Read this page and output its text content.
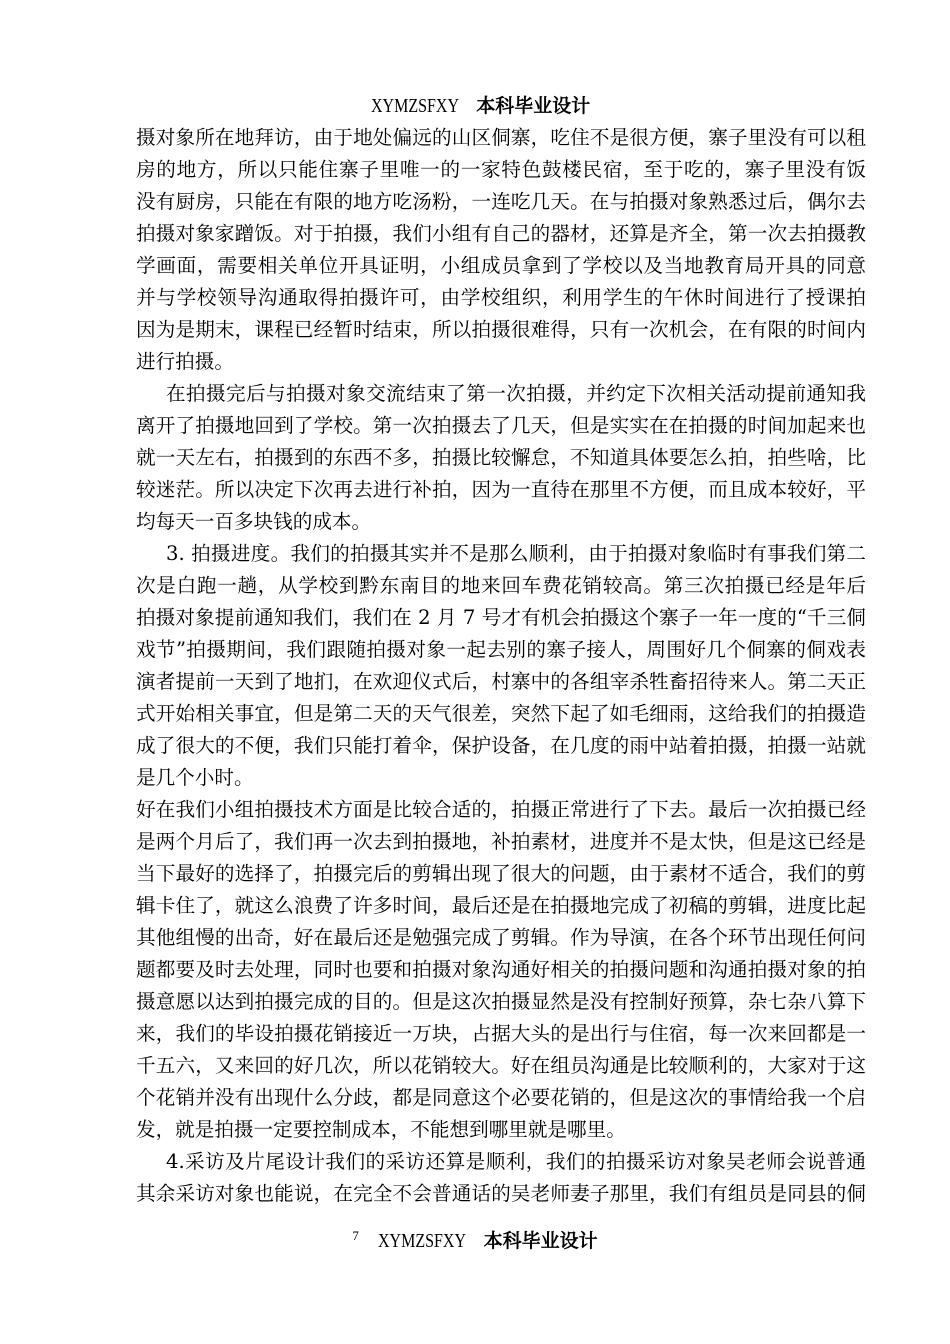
XYMZSFXY 本科毕业设计
摄对象所在地拜访，由于地处偏远的山区侗寨，吃住不是很方便，寨子里没有可以租
房的地方，所以只能住寨子里唯一的一家特色鼓楼民宿，至于吃的，寨子里没有饭
没有厨房，只能在有限的地方吃汤粉，一连吃几天。在与拍摄对象熟悉过后，偶尔去
拍摄对象家蹭饭。对于拍摄，我们小组有自己的器材，还算是齐全，第一次去拍摄教
学画面，需要相关单位开具证明，小组成员拿到了学校以及当地教育局开具的同意
并与学校领导沟通取得拍摄许可，由学校组织，利用学生的午休时间进行了授课拍
因为是期末，课程已经暂时结束，所以拍摄很难得，只有一次机会，在有限的时间内
进行拍摄。
在拍摄完后与拍摄对象交流结束了第一次拍摄，并约定下次相关活动提前通知我
离开了拍摄地回到了学校。第一次拍摄去了几天，但是实实在在拍摄的时间加起来也
就一天左右，拍摄到的东西不多，拍摄比较懈怠，不知道具体要怎么拍，拍些啥，比
较迷茫。所以决定下次再去进行补拍，因为一直待在那里不方便，而且成本较好，平
均每天一百多块钱的成本。
3. 拍摄进度。我们的拍摄其实并不是那么顺利，由于拍摄对象临时有事我们第二
次是白跑一趟，从学校到黔东南目的地来回车费花销较高。第三次拍摄已经是年后
拍摄对象提前通知我们，我们在 2 月 7 号才有机会拍摄这个寨子一年一度的“千三侗
戏节”拍摄期间，我们跟随拍摄对象一起去别的寨子接人，周围好几个侗寨的侗戏表
演者提前一天到了地扪，在欢迎仪式后，村寨中的各组宰杀牲畜招待来人。第二天正
式开始相关事宜，但是第二天的天气很差，突然下起了如毛细雨，这给我们的拍摄造
成了很大的不便，我们只能打着伞，保护设备，在几度的雨中站着拍摄，拍摄一站就
是几个小时。
好在我们小组拍摄技术方面是比较合适的，拍摄正常进行了下去。最后一次拍摄已经
是两个月后了，我们再一次去到拍摄地，补拍素材，进度并不是太快，但是这已经是
当下最好的选择了，拍摄完后的剪辑出现了很大的问题，由于素材不适合，我们的剪
辑卡住了，就这么浪费了许多时间，最后还是在拍摄地完成了初稿的剪辑，进度比起
其他组慢的出奇，好在最后还是勉强完成了剪辑。作为导演，在各个环节出现任何问
题都要及时去处理，同时也要和拍摄对象沟通好相关的拍摄问题和沟通拍摄对象的拍
摄意愿以达到拍摄完成的目的。但是这次拍摄显然是没有控制好预算，杂七杂八算下
来，我们的毕设拍摄花销接近一万块，占据大头的是出行与住宿，每一次来回都是一
千五六，又来回的好几次，所以花销较大。好在组员沟通是比较顺利的，大家对于这
个花销并没有出现什么分歧，都是同意这个必要花销的，但是这次的事情给我一个启
发，就是拍摄一定要控制成本，不能想到哪里就是哪里。
4.采访及片尾设计我们的采访还算是顺利，我们的拍摄采访对象吴老师会说普通
其余采访对象也能说，在完全不会普通话的吴老师妻子那里，我们有组员是同县的侗
7 XYMZSFXY 本科毕业设计
